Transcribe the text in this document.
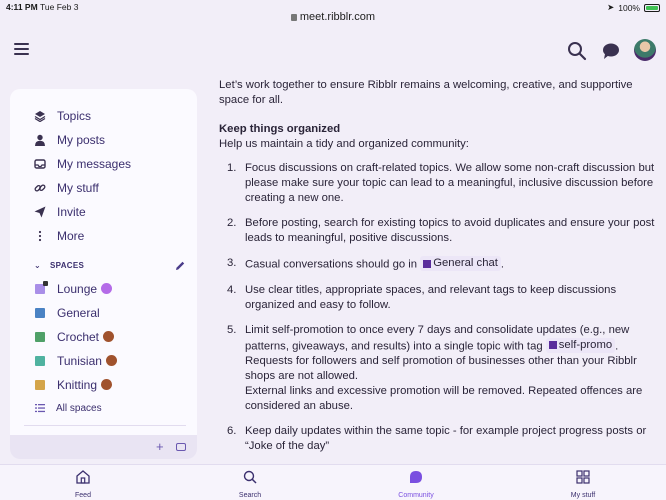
4:11 PM Tue Feb 3	➤ 100%
meet.ribblr.com
Topics
My posts
My messages
My stuff
Invite
More
⌄ SPACES
Lounge
General
Crochet
Tunisian
Knitting
All spaces
+

Let’s work together to ensure Ribblr remains a welcoming, creative, and supportive space for all.

Keep things organized

Help us maintain a tidy and organized community:

1. Focus discussions on craft-related topics. We allow some non-craft discussion but please make sure your topic can lead to a meaningful, inclusive discussion before creating a new one.
2. Before posting, search for existing topics to avoid duplicates and ensure your post leads to meaningful, positive discussions.
3. Casual conversations should go in General chat .
4. Use clear titles, appropriate spaces, and relevant tags to keep discussions organized and easy to follow.
5. Limit self-promotion to once every 7 days and consolidate updates (e.g., new patterns, giveaways, and results) into a single topic with tag self-promo .
Requests for followers and self promotion of businesses other than your Ribblr shops are not allowed.
External links and excessive promotion will be removed. Repeated offences are considered an abuse.
6. Keep daily updates within the same topic - for example project progress posts or “Joke of the day”

Feed	Search	Community	My stuff
